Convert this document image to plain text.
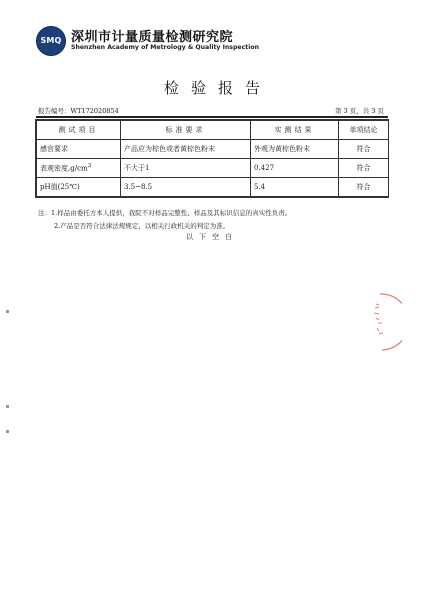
SMQ 深圳市计量质量检测研究院
Shenzhen Academy of Metrology & Quality Inspection
检验报告
报告编号：WT172020854	第 3 页，共 3 页
测试项目	标准要求	实测结果	单项结论
感官要求	产品应为棕色或者黄棕色粉末	外观为黄棕色粉末	符合
表观密度$,g/cm^3$	不大于1	0.427	符合
pH值(25℃)	3.5~8.5	5.4	符合
注：1.样品由委托方本人提供，我院不对样品完整性、样品及其标识信息的真实性负责。
2.产品是否符合法律法规规定，以相关行政机关的判定为准。
以下空白
